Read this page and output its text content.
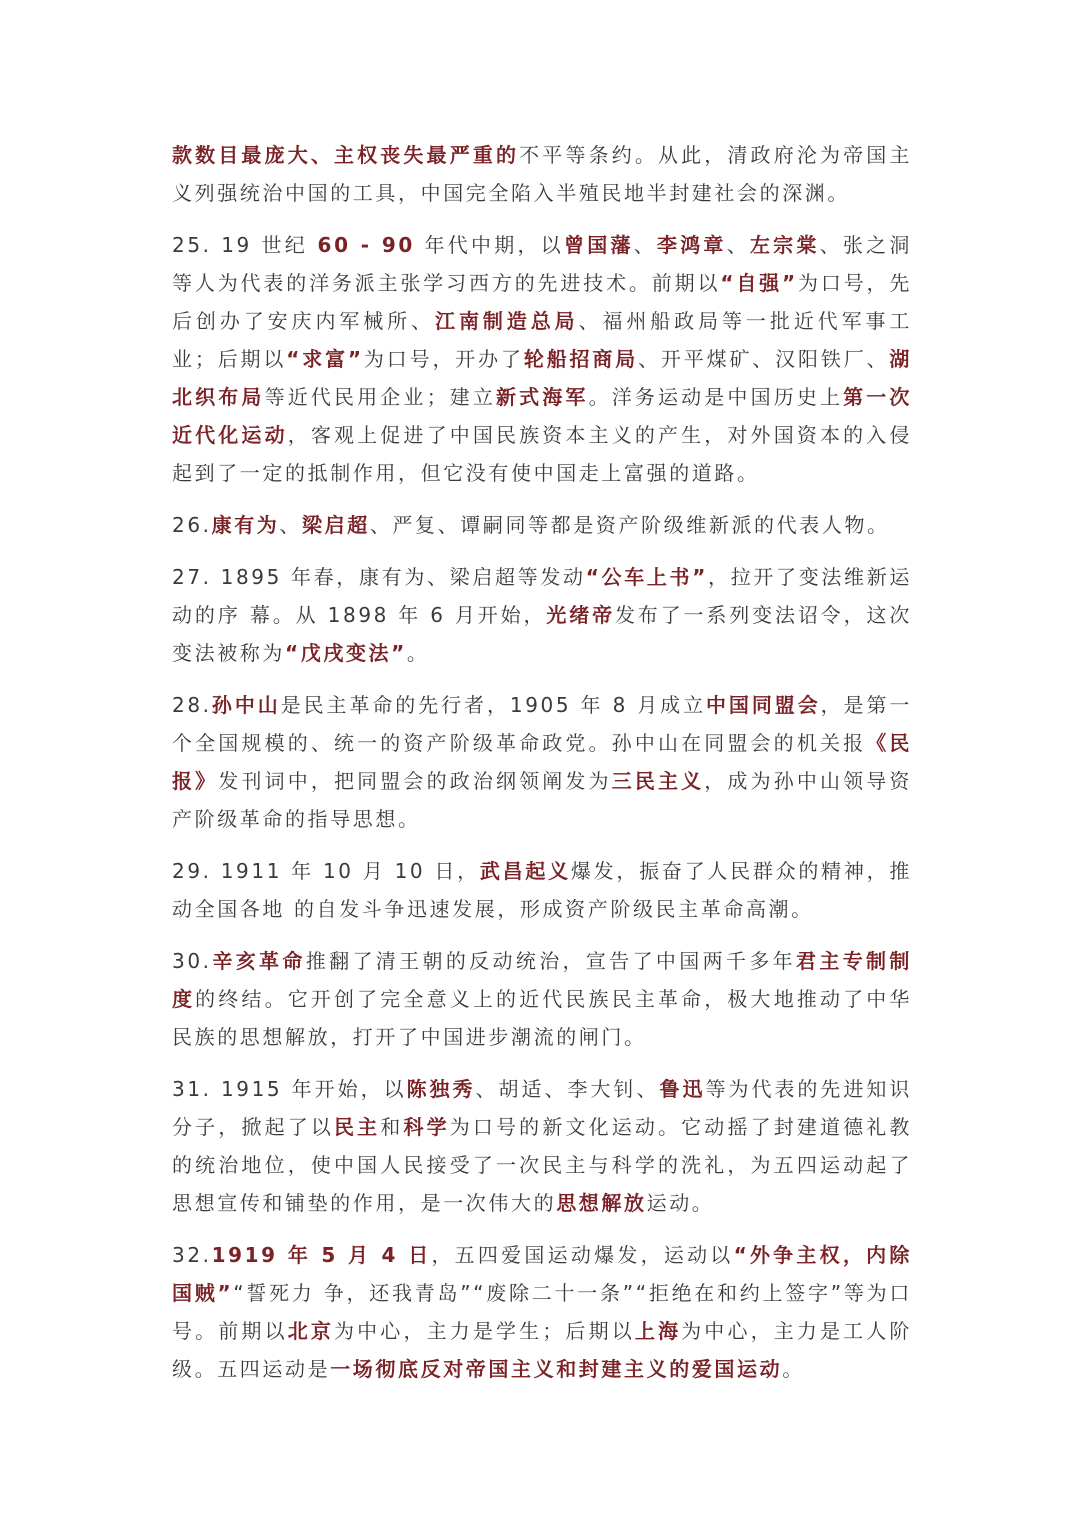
款数目最庞大、主权丧失最严重的不平等条约。从此，清政府沦为帝国主义列强统治中国的工具，中国完全陷入半殖民地半封建社会的深渊。

25. 19 世纪 60 - 90 年代中期，以曾国藩、李鸿章、左宗棠、张之洞等人为代表的洋务派主张学习西方的先进技术。前期以“自强”为口号，先后创办了安庆内军械所、江南制造总局、福州船政局等一批近代军事工业；后期以“求富”为口号，开办了轮船招商局、开平煤矿、汉阳铁厂、湖北织布局等近代民用企业；建立新式海军。洋务运动是中国历史上第一次近代化运动，客观上促进了中国民族资本主义的产生，对外国资本的入侵起到了一定的抵制作用，但它没有使中国走上富强的道路。

26.康有为、梁启超、严复、谭嗣同等都是资产阶级维新派的代表人物。

27. 1895 年春，康有为、梁启超等发动“公车上书”，拉开了变法维新运动的序 幕。从 1898 年 6 月开始，光绪帝发布了一系列变法诏令，这次变法被称为“戊戌变法”。

28.孙中山是民主革命的先行者，1905 年 8 月成立中国同盟会，是第一个全国规模的、统一的资产阶级革命政党。孙中山在同盟会的机关报《民报》发刊词中，把同盟会的政治纲领阐发为三民主义，成为孙中山领导资产阶级革命的指导思想。

29. 1911 年 10 月 10 日，武昌起义爆发，振奋了人民群众的精神，推动全国各地 的自发斗争迅速发展，形成资产阶级民主革命高潮。

30.辛亥革命推翻了清王朝的反动统治，宣告了中国两千多年君主专制制度的终结。它开创了完全意义上的近代民族民主革命，极大地推动了中华民族的思想解放，打开了中国进步潮流的闸门。

31. 1915 年开始，以陈独秀、胡适、李大钊、鲁迅等为代表的先进知识分子，掀起了以民主和科学为口号的新文化运动。它动摇了封建道德礼教的统治地位，使中国人民接受了一次民主与科学的洗礼，为五四运动起了思想宣传和铺垫的作用，是一次伟大的思想解放运动。

32.1919 年 5 月 4 日，五四爱国运动爆发，运动以“外争主权，内除国贼”“誓死力 争，还我青岛”“废除二十一条”“拒绝在和约上签字”等为口号。前期以北京为中心，主力是学生；后期以上海为中心，主力是工人阶级。五四运动是一场彻底反对帝国主义和封建主义的爱国运动。
